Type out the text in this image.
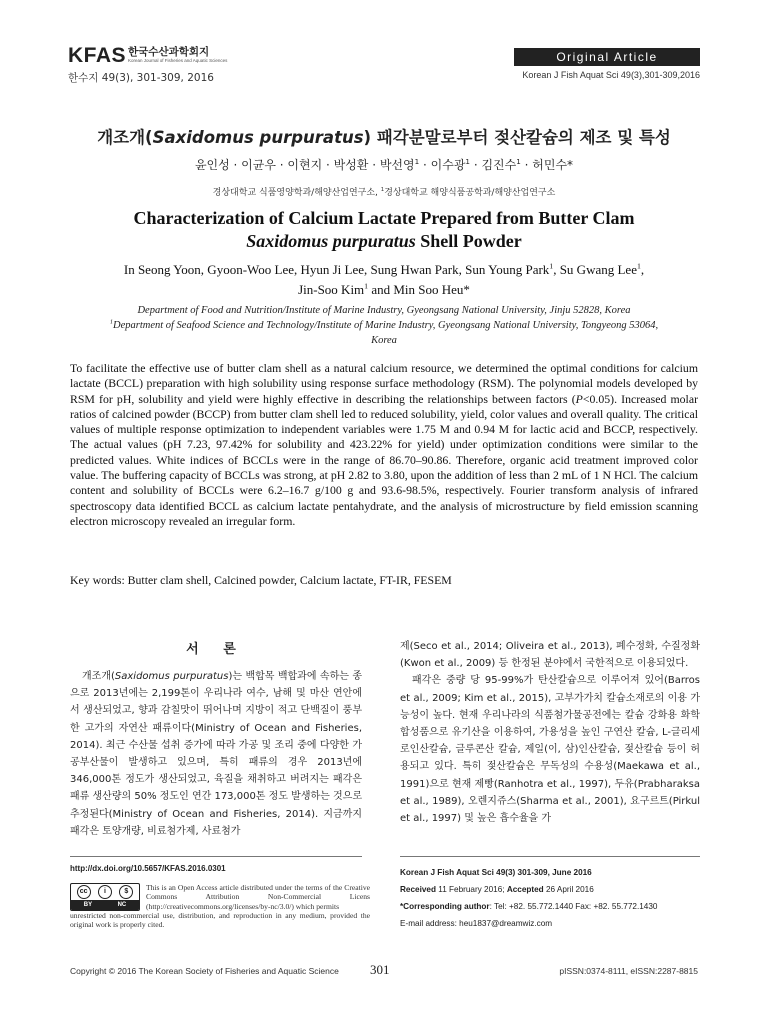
KFAS 한국수산과학회지
Korean Journal of Fisheries and Aquatic Sciences
한수지 49(3), 301-309, 2016
Original Article
Korean J Fish Aquat Sci 49(3),301-309,2016
개조개(Saxidomus purpuratus) 패각분말로부터 젖산칼슘의 제조 및 특성
윤인성 · 이균우 · 이현지 · 박성환 · 박선영$^1$ · 이수광$^1$ · 김진수$^1$ · 허민수*
경상대학교 식품영양학과/해양산업연구소, $^1$경상대학교 해양식품공학과/해양산업연구소
Characterization of Calcium Lactate Prepared from Butter Clam
Saxidomus purpuratus Shell Powder
In Seong Yoon, Gyoon-Woo Lee, Hyun Ji Lee, Sung Hwan Park, Sun Young Park$^1$, Su Gwang Lee$^1$,
Jin-Soo Kim$^1$ and Min Soo Heu*
Department of Food and Nutrition/Institute of Marine Industry, Gyeongsang National University, Jinju 52828, Korea
$^1$Department of Seafood Science and Technology/Institute of Marine Industry, Gyeongsang National University, Tongyeong 53064,
Korea
To facilitate the effective use of butter clam shell as a natural calcium resource, we determined the optimal conditions for calcium lactate (BCCL) preparation with high solubility using response surface methodology (RSM). The polynomial models developed by RSM for pH, solubility and yield were highly effective in describing the relationships between factors (P<0.05). Increased molar ratios of calcined powder (BCCP) from butter clam shell led to reduced solubility, yield, color values and overall quality. The critical values of multiple response optimization to independent variables were 1.75 M and 0.94 M for lactic acid and BCCP, respectively. The actual values (pH 7.23, 97.42% for solubility and 423.22% for yield) under optimization conditions were similar to the predicted values. White indices of BCCLs were in the range of 86.70–90.86. Therefore, organic acid treatment improved color value. The buffering capacity of BCCLs was strong, at pH 2.82 to 3.80, upon the addition of less than 2 mL of 1 N HCl. The calcium content and solubility of BCCLs were 6.2–16.7 g/100 g and 93.6-98.5%, respectively. Fourier transform analysis of infrared spectroscopy data identified BCCL as calcium lactate pentahydrate, and the analysis of microstructure by field emission scanning electron microscopy revealed an irregular form.
Key words: Butter clam shell, Calcined powder, Calcium lactate, FT-IR, FESEM
서 론

개조개(Saxidomus purpuratus)는 백합목 백합과에 속하는 종으로 2013년에는 2,199톤이 우리나라 여수, 남해 및 마산 연안에서 생산되었고, 향과 감칠맛이 뛰어나며 지방이 적고 단백질이 풍부한 고가의 자연산 패류이다(Ministry of Ocean and Fisheries, 2014). 최근 수산물 섭취 증가에 따라 가공 및 조리 중에 다양한 가공부산물이 발생하고 있으며, 특히 패류의 경우 2013년에 346,000톤 정도가 생산되었고, 육질을 채취하고 버려지는 패각은 패류 생산량의 50% 정도인 연간 173,000톤 정도 발생하는 것으로 추정된다(Ministry of Ocean and Fisheries, 2014). 지금까지 패각은 토양개량, 비료첨가제, 사료첨가

제(Seco et al., 2014; Oliveira et al., 2013), 폐수정화, 수질정화(Kwon et al., 2009) 등 한정된 분야에서 국한적으로 이용되었다.

패각은 중량 당 95-99%가 탄산칼슘으로 이루어져 있어(Barros et al., 2009; Kim et al., 2015), 고부가가치 칼슘소재로의 이용 가능성이 높다. 현재 우리나라의 식품첨가물공전에는 칼슘 강화용 화학 합성품으로 유기산을 이용하여, 가용성을 높인 구연산 칼슘, L-글리세로인산칼슘, 글루콘산 칼슘, 제일(이, 삼)인산칼슘, 젖산칼슘 등이 허용되고 있다. 특히 젖산칼슘은 무독성의 수용성(Maekawa et al., 1991)으로 현재 제빵(Ranhotra et al., 1997), 두유(Prabharaksa et al., 1989), 오렌지쥬스(Sharma et al., 2001), 요구르트(Pirkul et al., 1997) 및 높은 흡수율을 가

http://dx.doi.org/10.5657/KFAS.2016.0301
cc	i	$
BY	NC
This is an Open Access article distributed under the terms of the Creative Commons Attribution Non-Commercial Licens (http://creativecommons.org/licenses/by-nc/3.0/) which permits
unrestricted non-commercial use, distribution, and reproduction in any medium, provided the original work is properly cited.
Korean J Fish Aquat Sci 49(3) 301-309, June 2016
Received 11 February 2016; Accepted 26 April 2016
*Corresponding author: Tel: +82. 55.772.1440 Fax: +82. 55.772.1430
E-mail address: heu1837@dreamwiz.com
Copyright © 2016 The Korean Society of Fisheries and Aquatic Science 301	pISSN:0374-8111, eISSN:2287-8815
